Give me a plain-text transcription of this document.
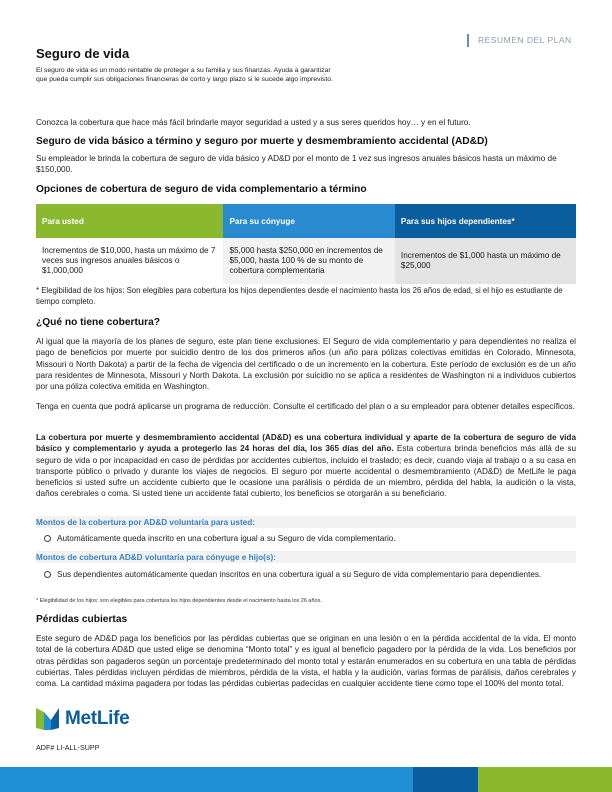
RESUMEN DEL PLAN
Seguro de vida
El seguro de vida es un modo rentable de proteger a su familia y sus finanzas. Ayuda a garantizar que pueda cumplir sus obligaciones financieras de corto y largo plazo si le sucede algo imprevisto.
Conozca la cobertura que hace más fácil brindarle mayor seguridad a usted y a sus seres queridos hoy… y en el futuro.
Seguro de vida básico a término y seguro por muerte y desmembramiento accidental (AD&D)
Su empleador le brinda la cobertura de seguro de vida básico y AD&D por el monto de 1 vez sus ingresos anuales básicos hasta un máximo de $150,000.
Opciones de cobertura de seguro de vida complementario a término
Para usted	Para su cónyuge	Para sus hijos dependientes*
Incrementos de $10,000, hasta un máximo de 7 veces sus ingresos anuales básicos o $1,000,000	$5,000 hasta $250,000 en incrementos de $5,000, hasta 100 % de su monto de cobertura complementaria	Incrementos de $1,000 hasta un máximo de $25,000
* Elegibilidad de los hijos: Son elegibles para cobertura los hijos dependientes desde el nacimiento hasta los 26 años de edad, si el hijo es estudiante de tiempo completo.
¿Qué no tiene cobertura?
Al igual que la mayoría de los planes de seguro, este plan tiene exclusiones. El Seguro de vida complementario y para dependientes no realiza el pago de beneficios por muerte por suicidio dentro de los dos primeros años (un año para pólizas colectivas emitidas en Colorado, Minnesota, Missouri o North Dakota) a partir de la fecha de vigencia del certificado o de un incremento en la cobertura. Este período de exclusión es de un año para residentes de Minnesota, Missouri y North Dakota. La exclusión por suicidio no se aplica a residentes de Washington ni a individuos cubiertos por una póliza colectiva emitida en Washington.
Tenga en cuenta que podrá aplicarse un programa de reducción. Consulte el certificado del plan o a su empleador para obtener detalles específicos.
La cobertura por muerte y desmembramiento accidental (AD&D) es una cobertura individual y aparte de la cobertura de seguro de vida básico y complementario y ayuda a protegerlo las 24 horas del día, los 365 días del año. Esta cobertura brinda beneficios más allá de su seguro de vida o por incapacidad en caso de pérdidas por accidentes cubiertos, incluido el traslado; es decir, cuando viaja al trabajo o a su casa en transporte público o privado y durante los viajes de negocios. El seguro por muerte accidental o desmembramiento (AD&D) de MetLife le paga beneficios si usted sufre un accidente cubierto que le ocasione una parálisis o pérdida de un miembro, pérdida del habla, la audición o la vista, daños cerebrales o coma. Si usted tiene un accidente fatal cubierto, los beneficios se otorgarán a su beneficiario.
Montos de la cobertura por AD&D voluntaria para usted:
Automáticamente queda inscrito en una cobertura igual a su Seguro de vida complementario.
Montos de cobertura AD&D voluntaria para cónyuge e hijo(s):
Sus dependientes automáticamente quedan inscritos en una cobertura igual a su Seguro de vida complementario para dependientes.
* Elegibilidad de los hijos: son elegibles para cobertura los hijos dependientes desde el nacimiento hasta los 26 años.
Pérdidas cubiertas
Este seguro de AD&D paga los beneficios por las pérdidas cubiertas que se originan en una lesión o en la pérdida accidental de la vida. El monto total de la cobertura AD&D que usted elige se denomina “Monto total” y es igual al beneficio pagadero por la pérdida de la vida. Los beneficios por otras pérdidas son pagaderos según un porcentaje predeterminado del monto total y estarán enumerados en su cobertura en una tabla de pérdidas cubiertas. Tales pérdidas incluyen pérdidas de miembros, pérdida de la vista, el habla y la audición, varias formas de parálisis, daños cerebrales y coma. La cantidad máxima pagadera por todas las pérdidas cubiertas padecidas en cualquier accidente tiene como tope el 100% del monto total.
MetLife
ADF# LI-ALL-SUPP
